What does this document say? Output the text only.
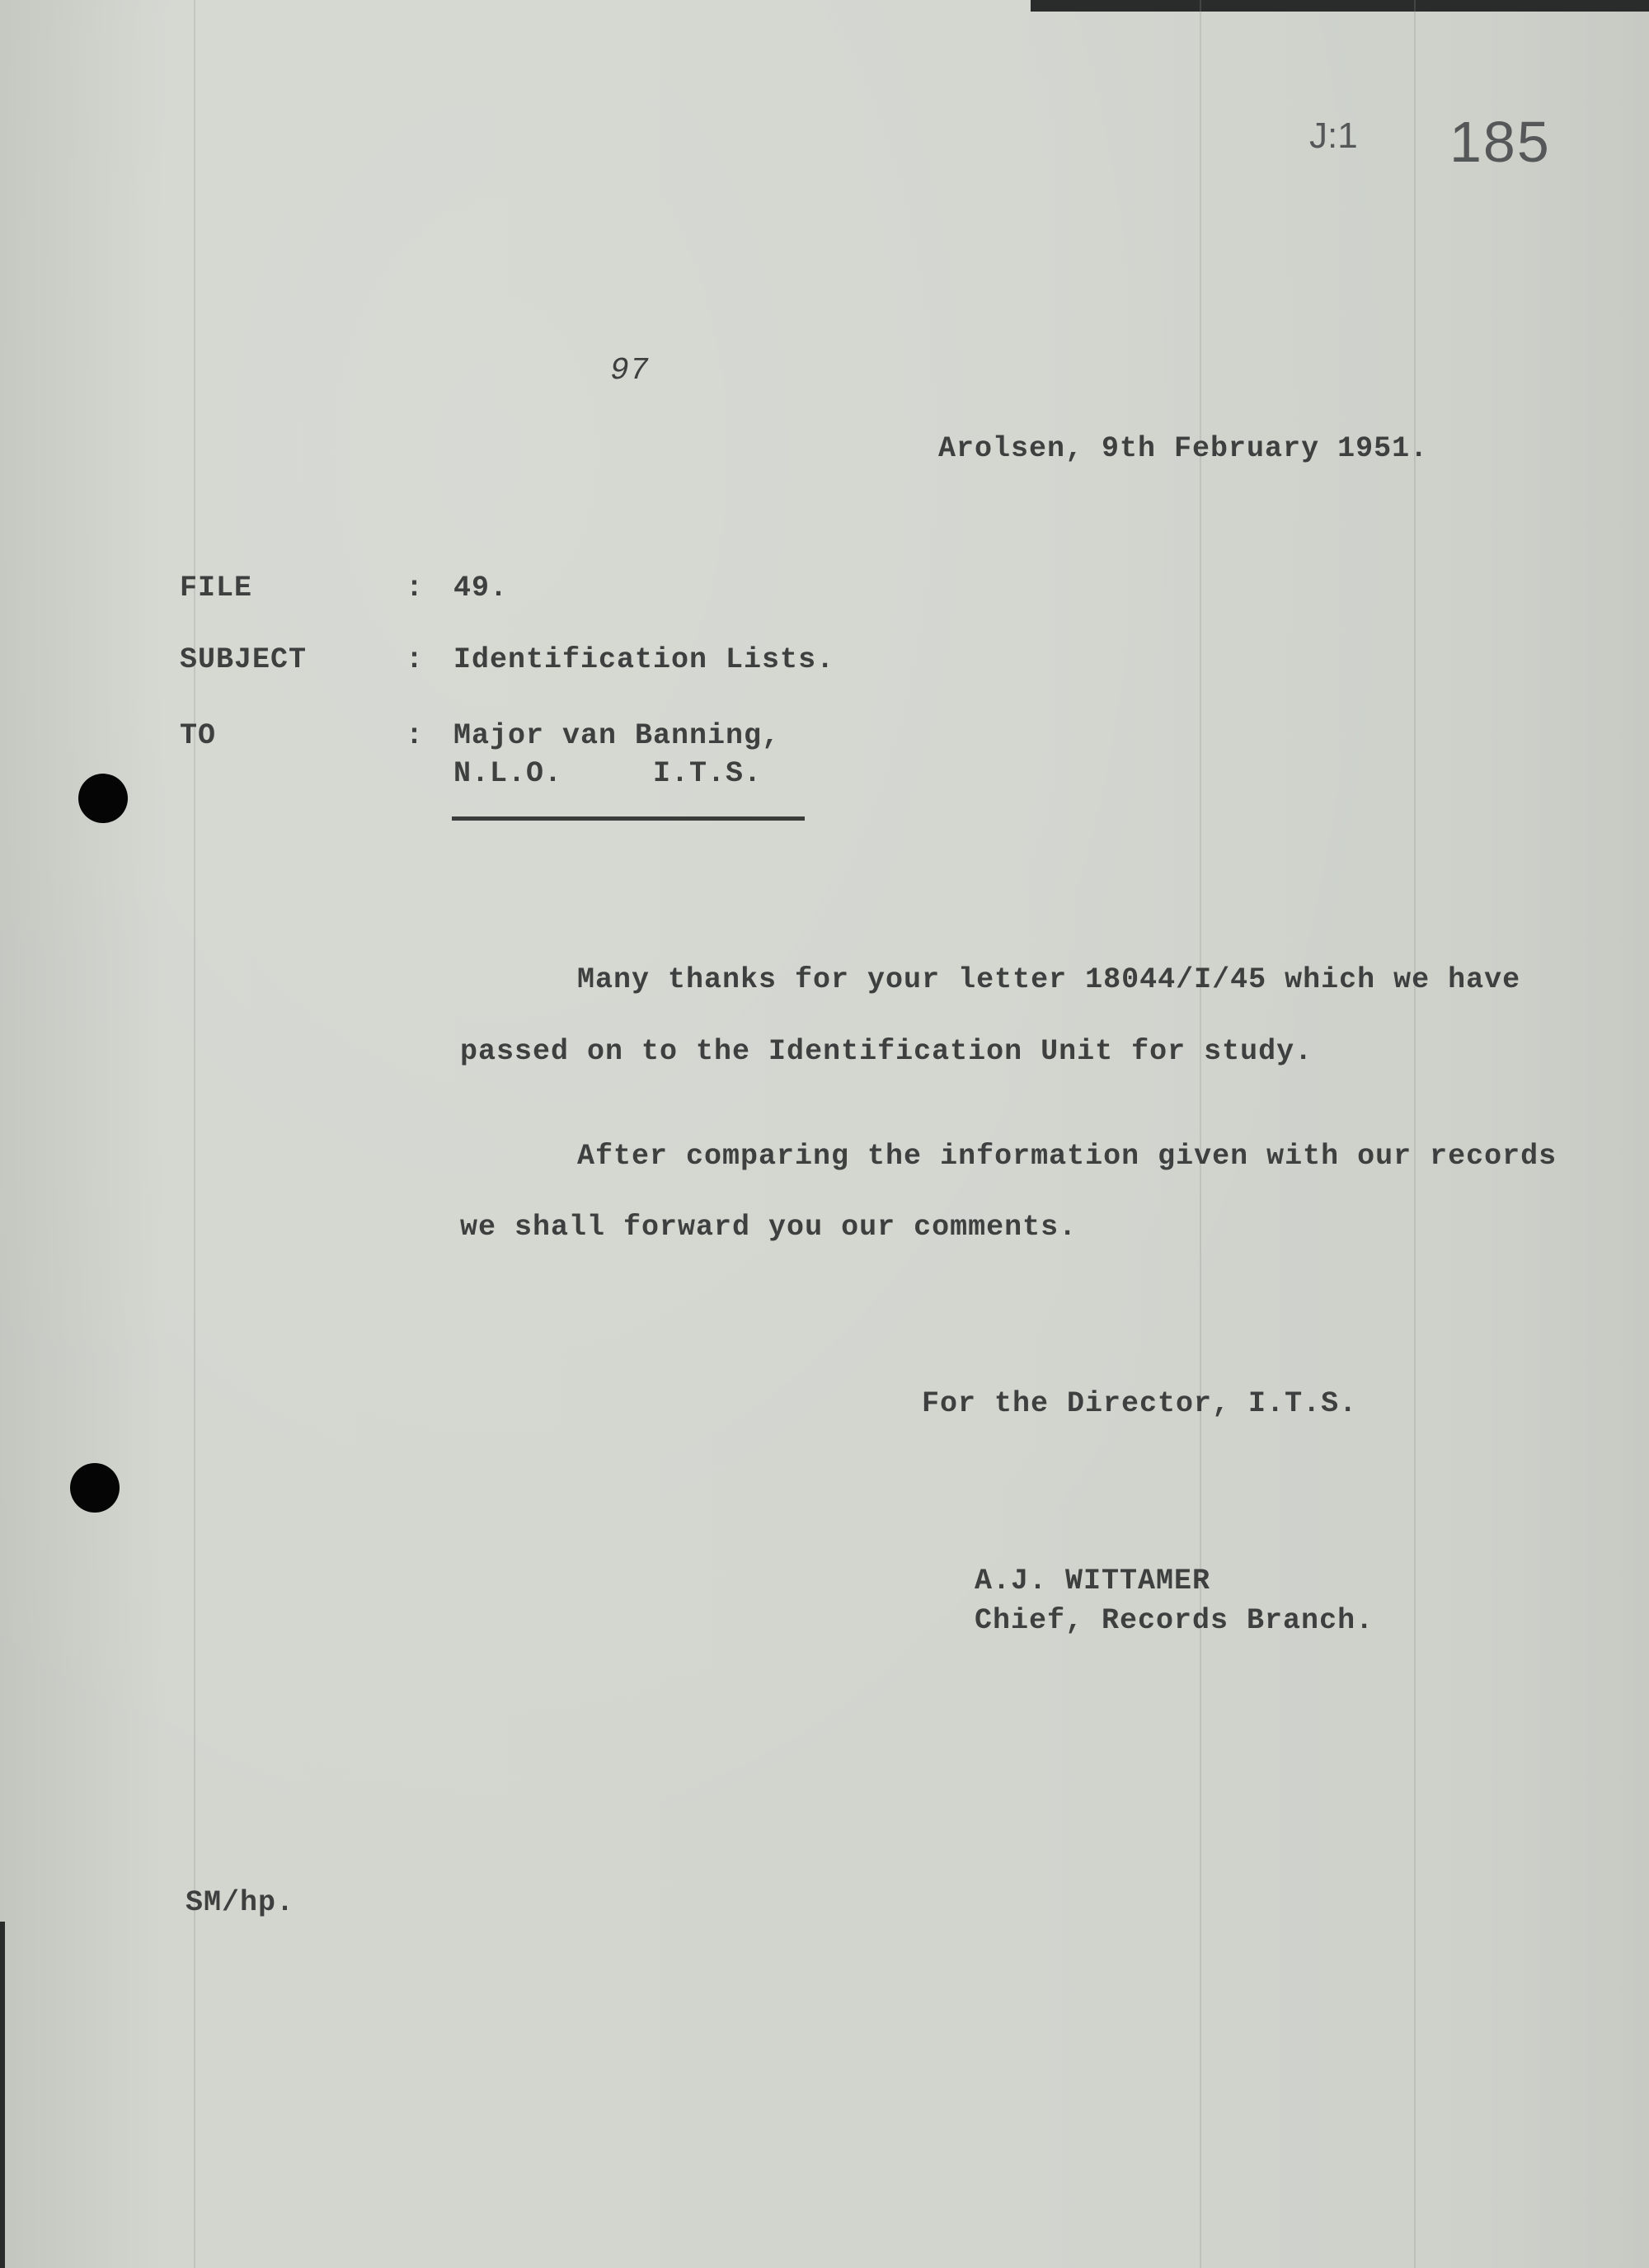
J:1 185
97
Arolsen, 9th February 1951.
FILE	: 49.
SUBJECT	: Identification Lists.
TO	: Major van Banning,
N.L.O.     I.T.S.
Many thanks for your letter 18044/I/45 which we have
passed on to the Identification Unit for study.
After comparing the information given with our records
we shall forward you our comments.
For the Director, I.T.S.
A.J. WITTAMER
Chief, Records Branch.
SM/hp.
